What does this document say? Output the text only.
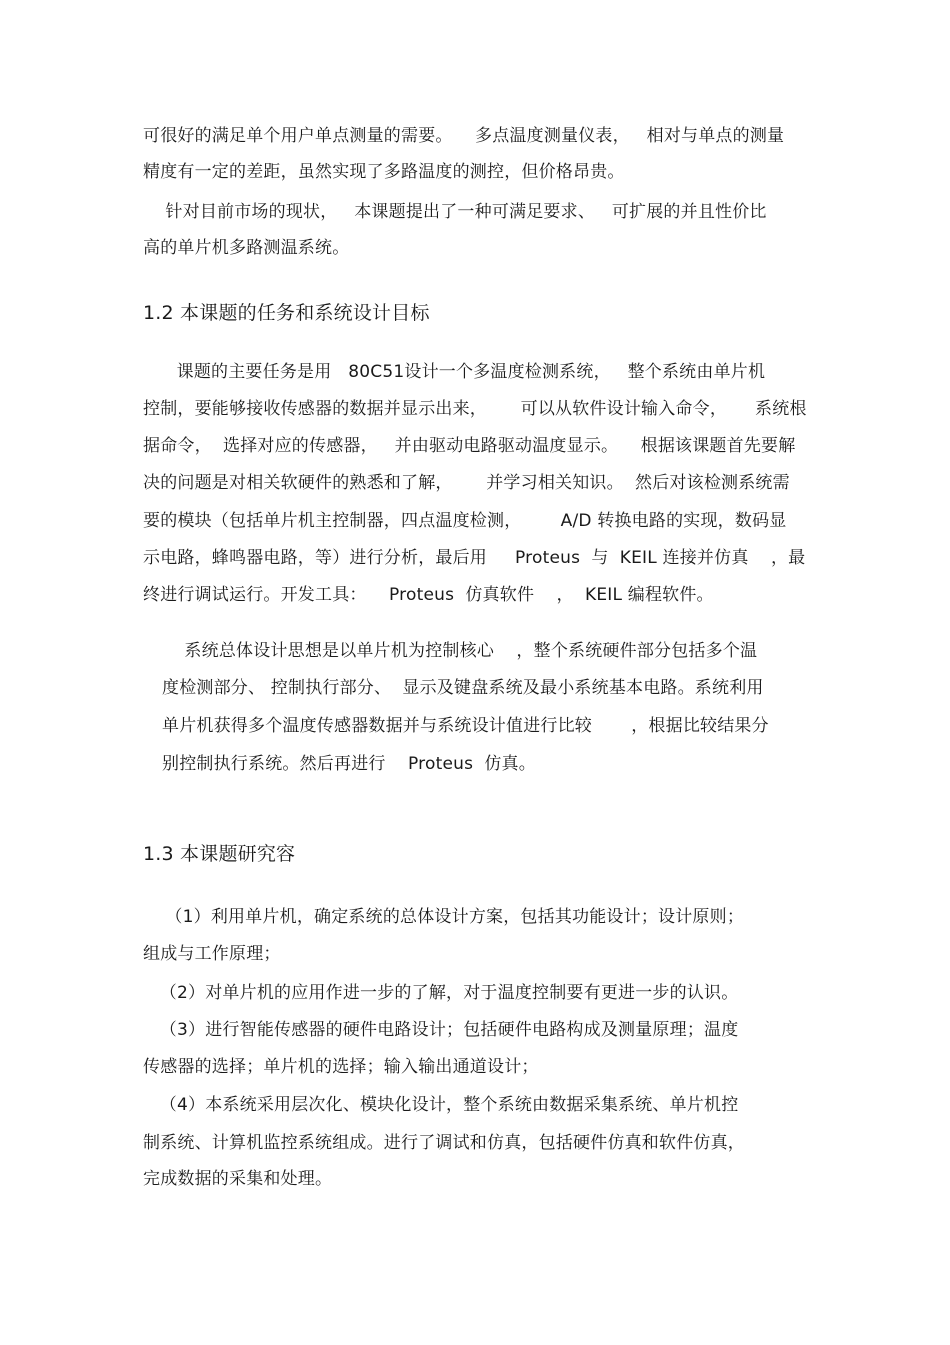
可很好的满足单个用户单点测量的需要。    多点温度测量仪表，   相对与单点的测量
精度有一定的差距，虽然实现了多路温度的测控，但价格昂贵。
针对目前市场的现状，   本课题提出了一种可满足要求、   可扩展的并且性价比
高的单片机多路测温系统。
1.2 本课题的任务和系统设计目标
课题的主要任务是用   80C51设计一个多温度检测系统，   整个系统由单片机
控制，要能够接收传感器的数据并显示出来，      可以从软件设计输入命令，     系统根
据命令，  选择对应的传感器，   并由驱动电路驱动温度显示。    根据该课题首先要解
决的问题是对相关软硬件的熟悉和了解，      并学习相关知识。  然后对该检测系统需
要的模块（包括单片机主控制器，四点温度检测，       A/D 转换电路的实现，数码显
示电路，蜂鸣器电路，等）进行分析，最后用     Proteus  与  KEIL 连接并仿真    ，最
终进行调试运行。开发工具：    Proteus  仿真软件    ，  KEIL 编程软件。
系统总体设计思想是以单片机为控制核心    ，整个系统硬件部分包括多个温
度检测部分、 控制执行部分、  显示及键盘系统及最小系统基本电路。系统利用
单片机获得多个温度传感器数据并与系统设计值进行比较       ，根据比较结果分
别控制执行系统。然后再进行    Proteus  仿真。
1.3 本课题研究容
（1）利用单片机，确定系统的总体设计方案，包括其功能设计；设计原则；
组成与工作原理；
（2）对单片机的应用作进一步的了解，对于温度控制要有更进一步的认识。
（3）进行智能传感器的硬件电路设计；包括硬件电路构成及测量原理；温度
传感器的选择；单片机的选择；输入输出通道设计；
（4）本系统采用层次化、模块化设计，整个系统由数据采集系统、单片机控
制系统、计算机监控系统组成。进行了调试和仿真，包括硬件仿真和软件仿真，
完成数据的采集和处理。
